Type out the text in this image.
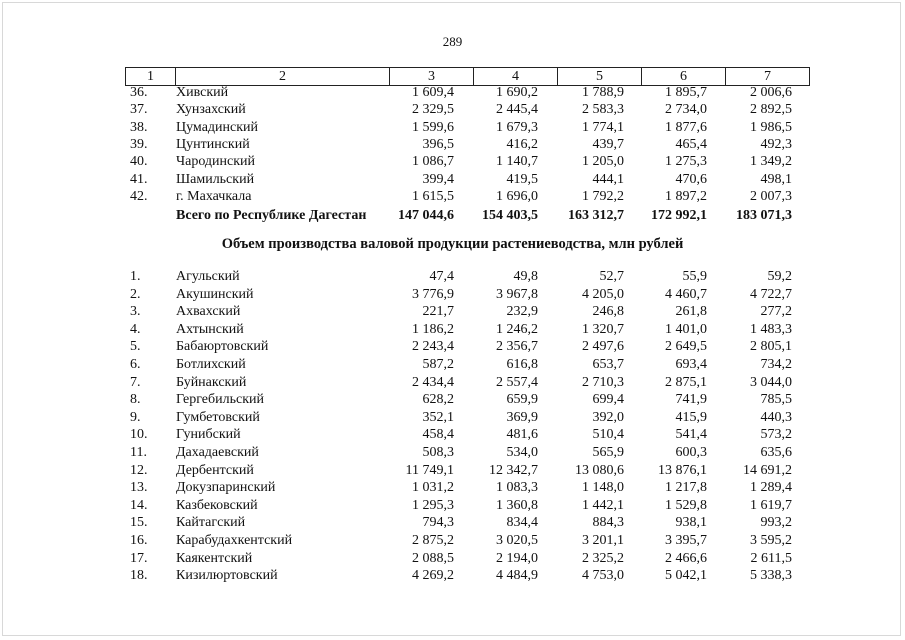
289
1	2	3	4	5	6	7
36. Хивский	1 609,4	1 690,2	1 788,9	1 895,7	2 006,6
37. Хунзахский	2 329,5	2 445,4	2 583,3	2 734,0	2 892,5
38. Цумадинский	1 599,6	1 679,3	1 774,1	1 877,6	1 986,5
39. Цунтинский	396,5	416,2	439,7	465,4	492,3
40. Чародинский	1 086,7	1 140,7	1 205,0	1 275,3	1 349,2
41. Шамильский	399,4	419,5	444,1	470,6	498,1
42. г. Махачкала	1 615,5	1 696,0	1 792,2	1 897,2	2 007,3
Всего по Республике Дагестан	147 044,6	154 403,5	163 312,7	172 992,1	183 071,3
Объем производства валовой продукции растениеводства, млн рублей
1.	Агульский	47,4	49,8	52,7	55,9	59,2
2.	Акушинский	3 776,9	3 967,8	4 205,0	4 460,7	4 722,7
3.	Ахвахский	221,7	232,9	246,8	261,8	277,2
4.	Ахтынский	1 186,2	1 246,2	1 320,7	1 401,0	1 483,3
5.	Бабаюртовский	2 243,4	2 356,7	2 497,6	2 649,5	2 805,1
6.	Ботлихский	587,2	616,8	653,7	693,4	734,2
7.	Буйнакский	2 434,4	2 557,4	2 710,3	2 875,1	3 044,0
8.	Гергебильский	628,2	659,9	699,4	741,9	785,5
9.	Гумбетовский	352,1	369,9	392,0	415,9	440,3
10. Гунибский	458,4	481,6	510,4	541,4	573,2
11. Дахадаевский	508,3	534,0	565,9	600,3	635,6
12. Дербентский	11 749,1	12 342,7	13 080,6	13 876,1	14 691,2
13. Докузпаринский	1 031,2	1 083,3	1 148,0	1 217,8	1 289,4
14. Казбековский	1 295,3	1 360,8	1 442,1	1 529,8	1 619,7
15. Кайтагский	794,3	834,4	884,3	938,1	993,2
16. Карабудахкентский	2 875,2	3 020,5	3 201,1	3 395,7	3 595,2
17. Каякентский	2 088,5	2 194,0	2 325,2	2 466,6	2 611,5
18. Кизилюртовский	4 269,2	4 484,9	4 753,0	5 042,1	5 338,3
